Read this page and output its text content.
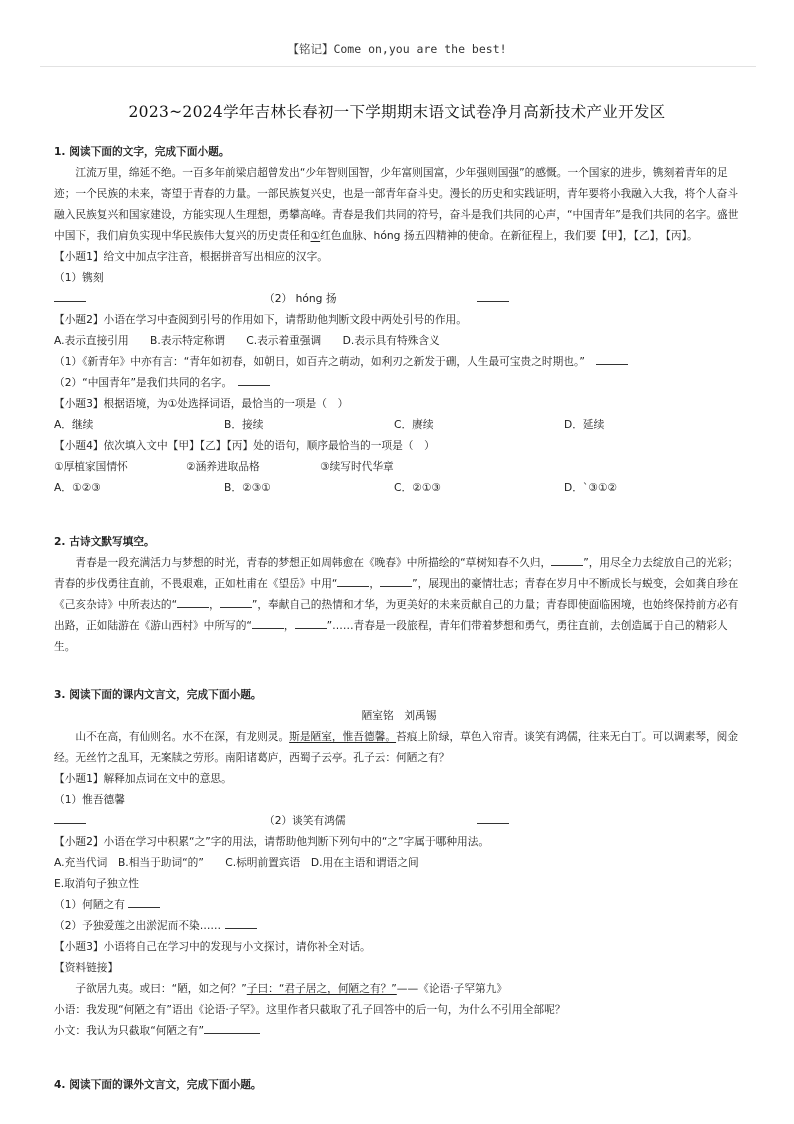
【铭记】Come on,you are the best!
2023~2024学年吉林长春初一下学期期末语文试卷净月高新技术产业开发区

1. 阅读下面的文字，完成下面小题。

江流万里，绵延不绝。一百多年前梁启超曾发出“少年智则国智，少年富则国富，少年强则国强”的感慨。一个国家的进步，镌刻着青年的足迹；一个民族的未来，寄望于青春的力量。一部民族复兴史，也是一部青年奋斗史。漫长的历史和实践证明，青年要将小我融入大我，将个人奋斗融入民族复兴和国家建设，方能实现人生理想，勇攀高峰。青春是我们共同的符号，奋斗是我们共同的心声，“中国青年”是我们共同的名字。盛世中国下，我们肩负实现中华民族伟大复兴的历史责任和①红色血脉、hóng 扬五四精神的使命。在新征程上，我们要【甲】，【乙】，【丙】。

【小题1】给文中加点字注音，根据拼音写出相应的汉字。

（1）镌刻 （2） hóng 扬

【小题2】小语在学习中查阅到引号的作用如下，请帮助他判断文段中两处引号的作用。

A.表示直接引用　　B.表示特定称谓　　C.表示着重强调　　D.表示具有特殊含义

（1）《新青年》中亦有言：“青年如初春，如朝日，如百卉之萌动，如利刃之新发于硎，人生最可宝贵之时期也。”　

（2）“中国青年”是我们共同的名字。　

【小题3】根据语境，为①处选择词语，最恰当的一项是（　）

A．继续	B．接续	C．赓续	D．延续

【小题4】依次填入文中【甲】【乙】【丙】处的语句，顺序最恰当的一项是（　）

①厚植家国情怀	②涵养进取品格	③续写时代华章

A．①②③	B．②③①	C．②①③	D．`③①②

2. 古诗文默写填空。

青春是一段充满活力与梦想的时光，青春的梦想正如周韩愈在《晚春》中所描绘的“草树知春不久归，	”，用尽全力去绽放自己的光彩；青春的步伐勇往直前，不畏艰难，正如杜甫在《望岳》中用“	，	”，展现出的豪情壮志；青春在岁月中不断成长与蜕变，会如龚自珍在《己亥杂诗》中所表达的“	，	”，奉献自己的热情和才华，为更美好的未来贡献自己的力量；青春即使面临困境，也始终保持前方必有出路，正如陆游在《游山西村》中所写的“	，	”……青春是一段旅程，青年们带着梦想和勇气，勇往直前，去创造属于自己的精彩人生。

3. 阅读下面的课内文言文，完成下面小题。

陋室铭　刘禹锡

山不在高，有仙则名。水不在深，有龙则灵。斯是陋室，惟吾德馨。苔痕上阶绿，草色入帘青。谈笑有鸿儒，往来无白丁。可以调素琴，阅金经。无丝竹之乱耳，无案牍之劳形。南阳诸葛庐，西蜀子云亭。孔子云：何陋之有？

【小题1】解释加点词在文中的意思。

（1）惟吾德馨 （2）谈笑有鸿儒

【小题2】小语在学习中积累“之”字的用法，请帮助他判断下列句中的“之”字属于哪种用法。

A.充当代词　B.相当于助词“的”　　C.标明前置宾语　D.用在主语和谓语之间

E.取消句子独立性

（1）何陋之有

（2）予独爱莲之出淤泥而不染……

【小题3】小语将自己在学习中的发现与小文探讨，请你补全对话。

【资料链接】

子欲居九夷。或曰：“陋，如之何？”子曰：“君子居之，何陋之有？”——《论语·子罕第九》

小语：我发现“何陋之有”语出《论语·子罕》。这里作者只截取了孔子回答中的后一句，为什么不引用全部呢？

小文：我认为只截取“何陋之有”

4. 阅读下面的课外文言文，完成下面小题。
